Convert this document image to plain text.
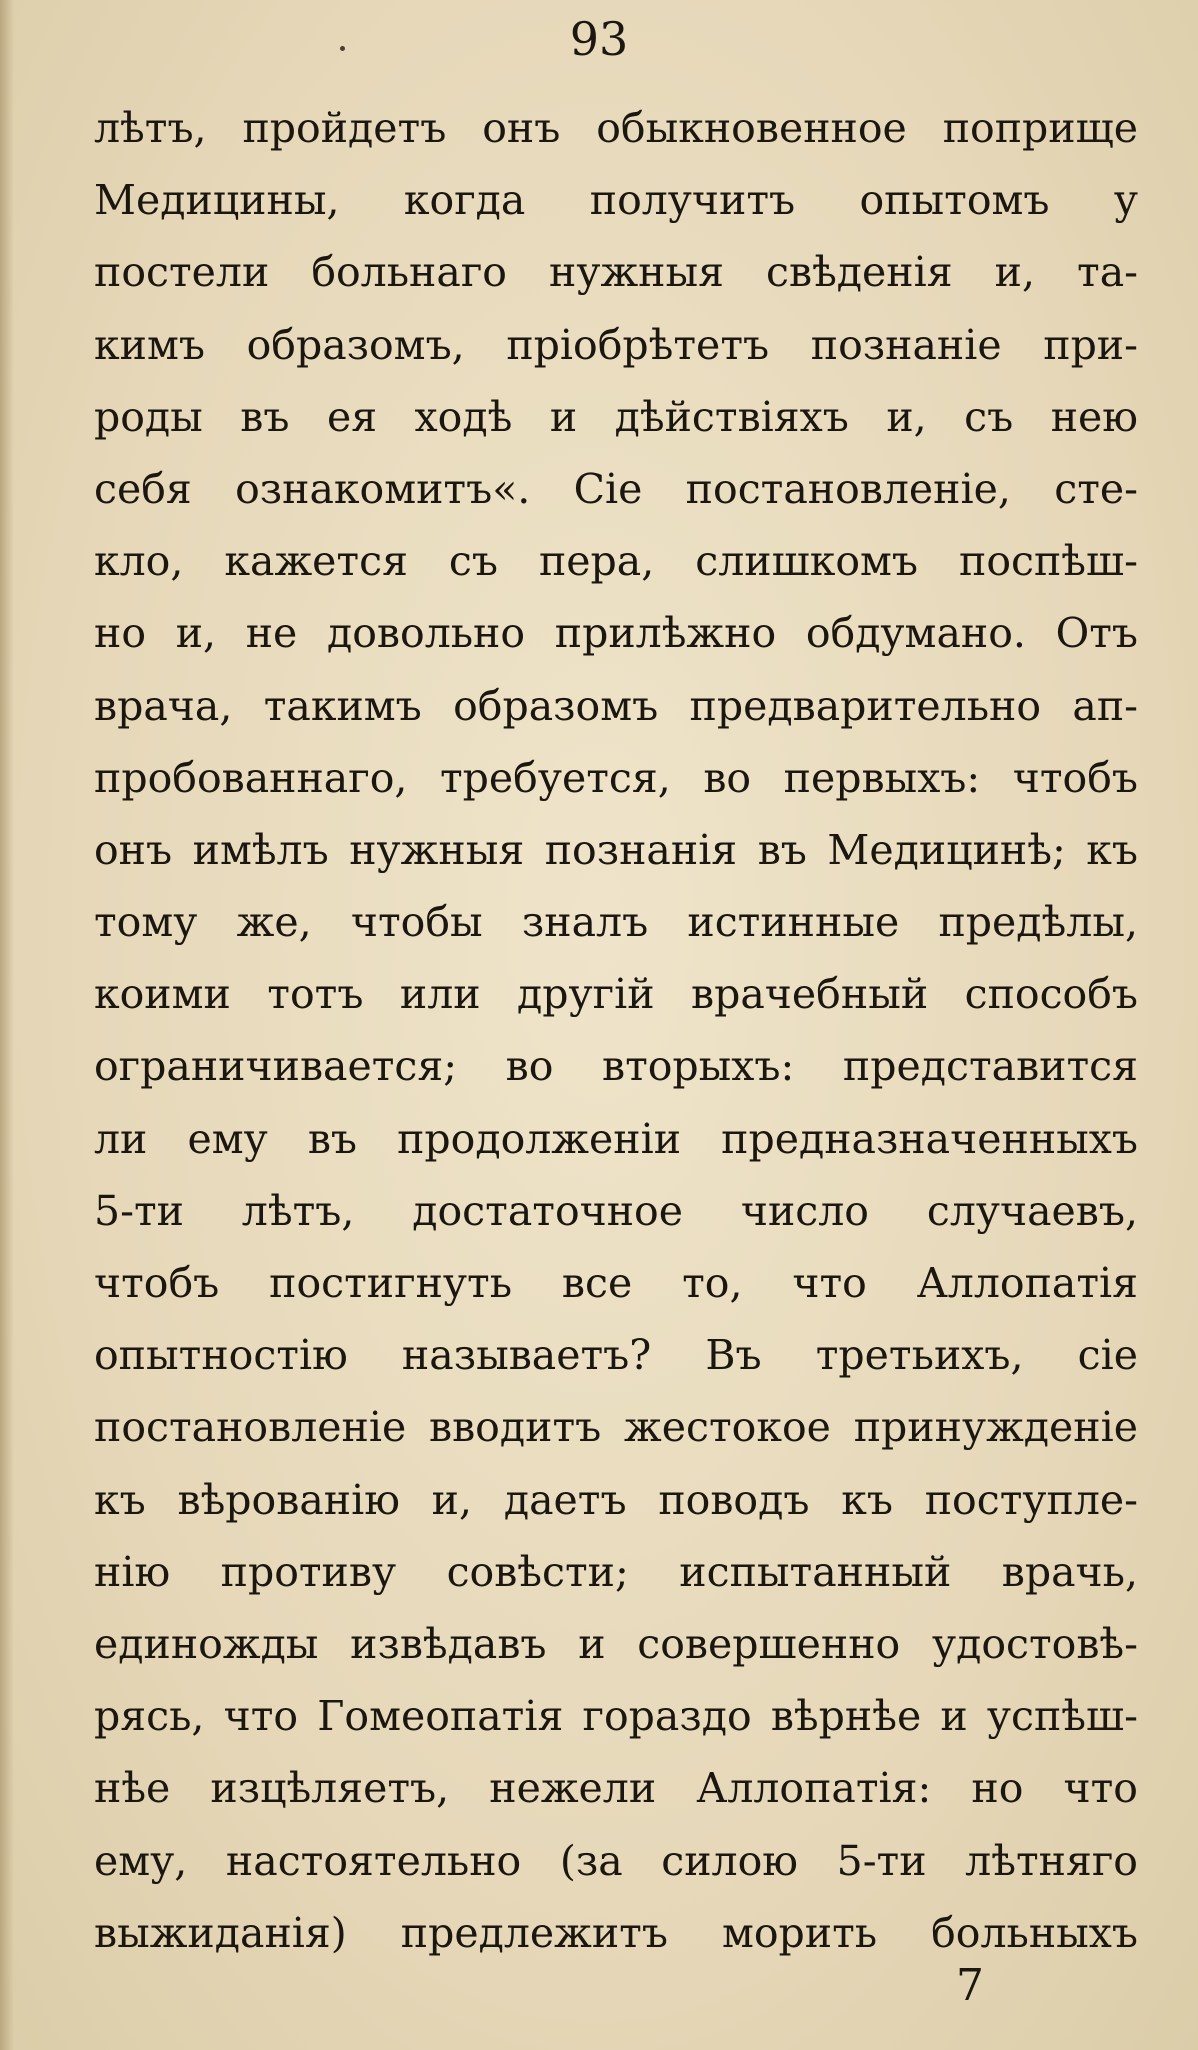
93
лѣтъ, пройдетъ онъ обыкновенное поприще
Медицины, когда получитъ опытомъ у
постели больнаго нужныя свѣденія и, та-
кимъ образомъ, пріобрѣтетъ познаніе при-
роды въ ея ходѣ и дѣйствіяхъ и, съ нею
себя ознакомитъ«. Сіе постановленіе, сте-
кло, кажется съ пера, слишкомъ поспѣш-
но и, не довольно прилѣжно обдумано. Отъ
врача, такимъ образомъ предварительно ап-
пробованнаго, требуется, во первыхъ: чтобъ
онъ имѣлъ нужныя познанія въ Медицинѣ; къ
тому же, чтобы зналъ истинные предѣлы,
коими тотъ или другій врачебный способъ
ограничивается; во вторыхъ: представится
ли ему въ продолженіи предназначенныхъ
5-ти лѣтъ, достаточное число случаевъ,
чтобъ постигнуть все то, что Аллопатія
опытностію называетъ? Въ третьихъ, сіе
постановленіе вводитъ жестокое принужденіе
къ вѣрованію и, даетъ поводъ къ поступле-
нію противу совѣсти; испытанный врачь,
единожды извѣдавъ и совершенно удостовѣ-
рясь, что Гомеопатія гораздо вѣрнѣе и успѣш-
нѣе изцѣляетъ, нежели Аллопатія: но что
ему, настоятельно (за силою 5-ти лѣтняго
выжиданія) предлежитъ морить больныхъ
7
